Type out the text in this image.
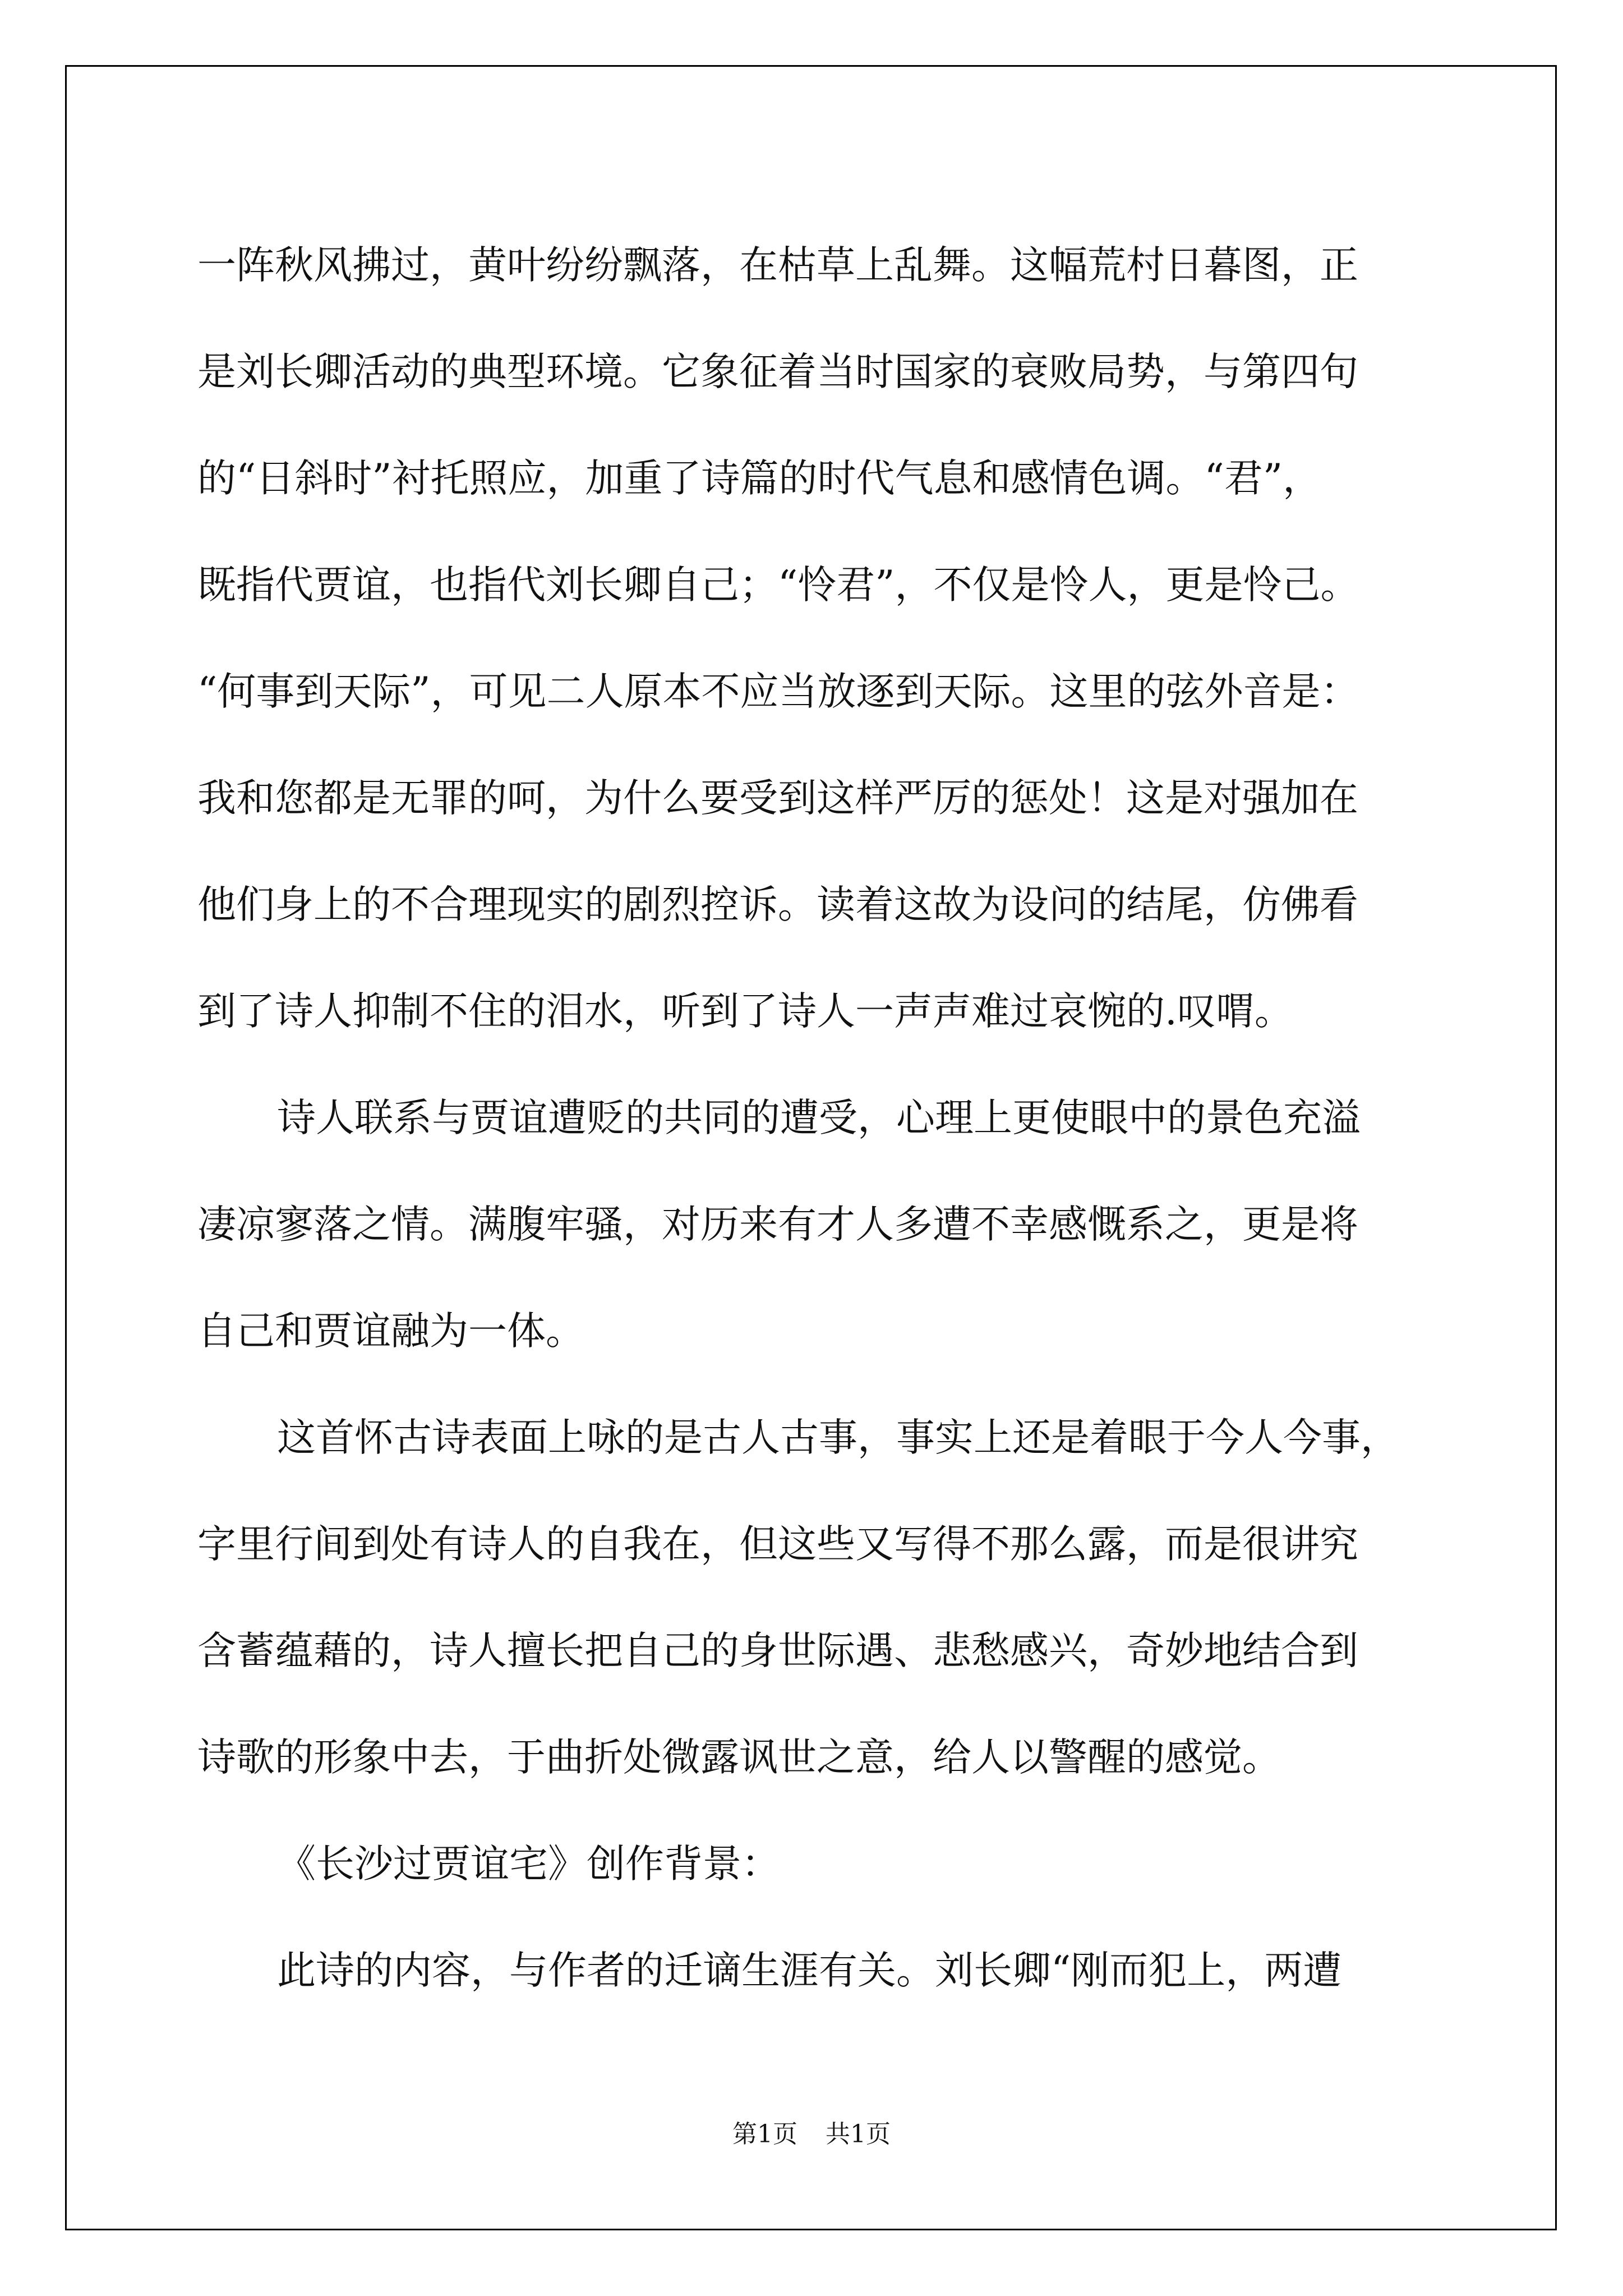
一阵秋风拂过，黄叶纷纷飘落，在枯草上乱舞。这幅荒村日暮图，正
是刘长卿活动的典型环境。它象征着当时国家的衰败局势，与第四句
的“日斜时”衬托照应，加重了诗篇的时代气息和感情色调。“君”，
既指代贾谊，也指代刘长卿自己；“怜君”，不仅是怜人，更是怜己。
“何事到天际”，可见二人原本不应当放逐到天际。这里的弦外音是：
我和您都是无罪的呵，为什么要受到这样严厉的惩处！这是对强加在
他们身上的不合理现实的剧烈控诉。读着这故为设问的结尾，仿佛看
到了诗人抑制不住的泪水，听到了诗人一声声难过哀惋的.叹喟。
诗人联系与贾谊遭贬的共同的遭受，心理上更使眼中的景色充溢
凄凉寥落之情。满腹牢骚，对历来有才人多遭不幸感慨系之，更是将
自己和贾谊融为一体。
这首怀古诗表面上咏的是古人古事，事实上还是着眼于今人今事，
字里行间到处有诗人的自我在，但这些又写得不那么露，而是很讲究
含蓄蕴藉的，诗人擅长把自己的身世际遇、悲愁感兴，奇妙地结合到
诗歌的形象中去，于曲折处微露讽世之意，给人以警醒的感觉。
《长沙过贾谊宅》创作背景：
此诗的内容，与作者的迁谪生涯有关。刘长卿“刚而犯上，两遭
第1页 共1页
